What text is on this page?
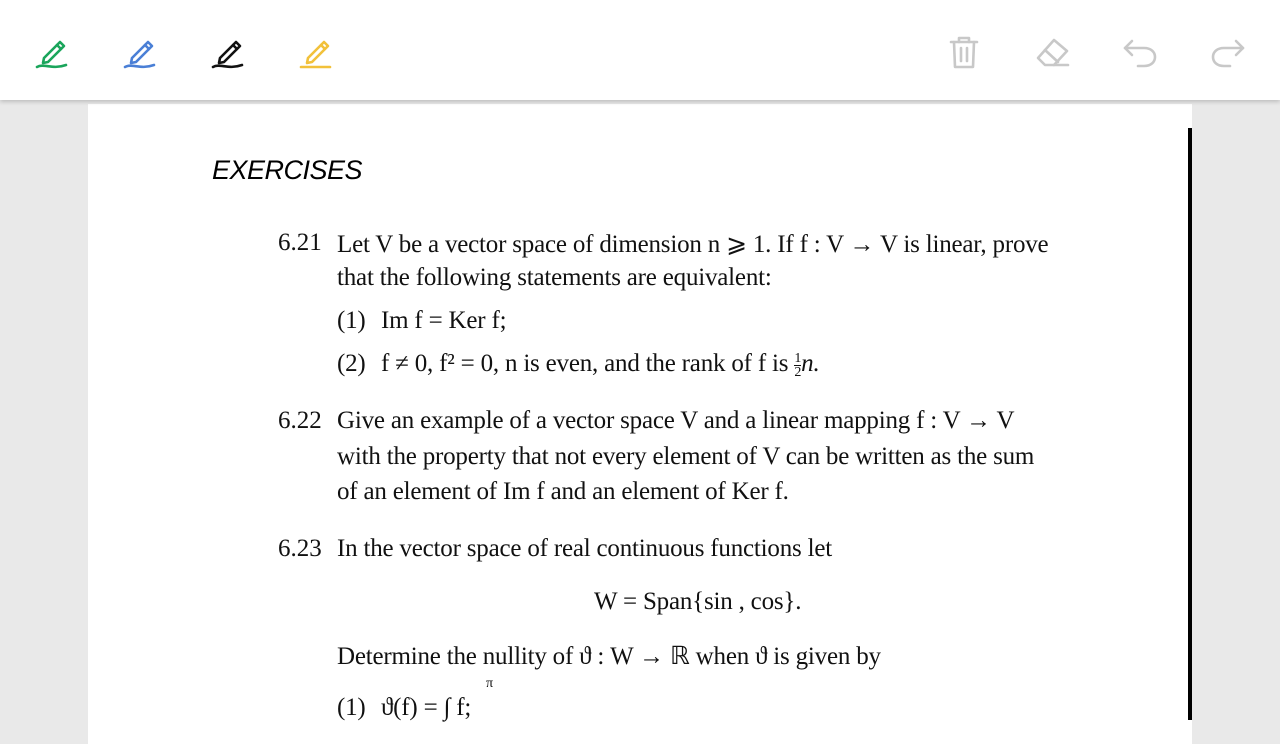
EXERCISES
6.21 Let V be a vector space of dimension n ⩾ 1. If f : V → V is linear, prove
that the following statements are equivalent:
(1) Im f = Ker f;
(2) f ≠ 0, f² = 0, n is even, and the rank of f is $\frac{1}{2} n$.
6.22 Give an example of a vector space V and a linear mapping f : V → V
with the property that not every element of V can be written as the sum
of an element of Im f and an element of Ker f.
6.23 In the vector space of real continuous functions let
W = Span{sin , cos}.
Determine the nullity of ϑ : W → ℝ when ϑ is given by
(1) ϑ(f) = ∫ f;
π
